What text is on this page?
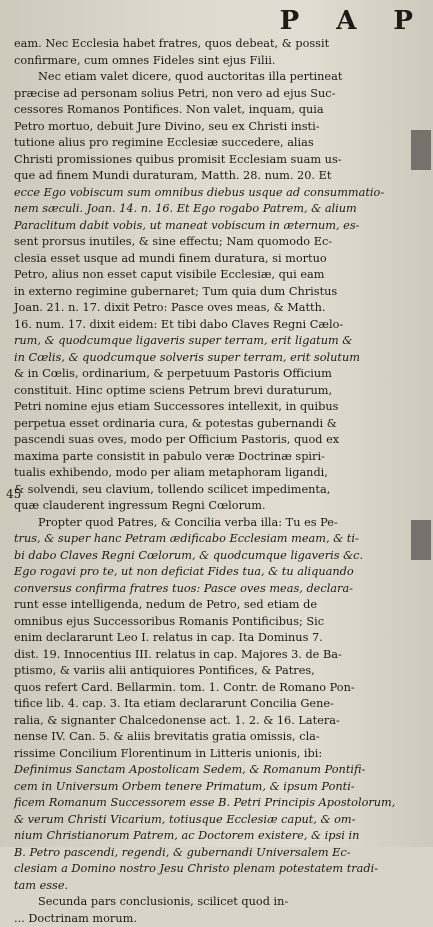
P A P
45
eam. Nec Ecclesia habet fratres, quos debeat, & possit
confirmare, cum omnes Fideles sint ejus Filii.
Nec etiam valet dicere, quod auctoritas illa pertineat
præcise ad personam solius Petri, non vero ad ejus Suc-
cessores Romanos Pontifices. Non valet, inquam, quia
Petro mortuo, debuit Jure Divino, seu ex Christi insti-
tutione alius pro regimine Ecclesiæ succedere, alias
Christi promissiones quibus promisit Ecclesiam suam us-
que ad finem Mundi duraturam, Matth. 28. num. 20. Et
ecce Ego vobiscum sum omnibus diebus usque ad consummatio-
nem sæculi. Joan. 14. n. 16. Et Ego rogabo Patrem, & alium
Paraclitum dabit vobis, ut maneat vobiscum in æternum, es-
sent prorsus inutiles, & sine effectu; Nam quomodo Ec-
clesia esset usque ad mundi finem duratura, si mortuo
Petro, alius non esset caput visibile Ecclesiæ, qui eam
in externo regimine gubernaret; Tum quia dum Christus
Joan. 21. n. 17. dixit Petro: Pasce oves meas, & Matth.
16. num. 17. dixit eidem: Et tibi dabo Claves Regni Cælo-
rum, & quodcumque ligaveris super terram, erit ligatum &
in Cœlis, & quodcumque solveris super terram, erit solutum
& in Cœlis, ordinarium, & perpetuum Pastoris Officium
constituit. Hinc optime sciens Petrum brevi duraturum,
Petri nomine ejus etiam Successores intellexit, in quibus
perpetua esset ordinaria cura, & potestas gubernandi &
pascendi suas oves, modo per Officium Pastoris, quod ex
maxima parte consistit in pabulo veræ Doctrinæ spiri-
tualis exhibendo, modo per aliam metaphoram ligandi,
& solvendi, seu clavium, tollendo scilicet impedimenta,
quæ clauderent ingressum Regni Cœlorum.
Propter quod Patres, & Concilia verba illa: Tu es Pe-
trus, & super hanc Petram ædificabo Ecclesiam meam, & ti-
bi dabo Claves Regni Cœlorum, & quodcumque ligaveris &c.
Ego rogavi pro te, ut non deficiat Fides tua, & tu aliquando
conversus confirma fratres tuos: Pasce oves meas, declara-
runt esse intelligenda, nedum de Petro, sed etiam de
omnibus ejus Successoribus Romanis Pontificibus; Sic
enim declararunt Leo I. relatus in cap. Ita Dominus 7.
dist. 19. Innocentius III. relatus in cap. Majores 3. de Ba-
ptismo, & variis alii antiquiores Pontifices, & Patres,
quos refert Card. Bellarmin. tom. 1. Contr. de Romano Pon-
tifice lib. 4. cap. 3. Ita etiam declararunt Concilia Gene-
ralia, & signanter Chalcedonense act. 1. 2. & 16. Latera-
nense IV. Can. 5. & aliis brevitatis gratia omissis, cla-
rissime Concilium Florentinum in Litteris unionis, ibi:
Definimus Sanctam Apostolicam Sedem, & Romanum Pontifi-
cem in Universum Orbem tenere Primatum, & ipsum Ponti-
ficem Romanum Successorem esse B. Petri Principis Apostolorum,
& verum Christi Vicarium, totiusque Ecclesiæ caput, & om-
nium Christianorum Patrem, ac Doctorem existere, & ipsi in
B. Petro pascendi, regendi, & gubernandi Universalem Ec-
clesiam a Domino nostro Jesu Christo plenam potestatem tradi-
tam esse.
Secunda pars conclusionis, scilicet quod in-
... Doctrinam morum.
